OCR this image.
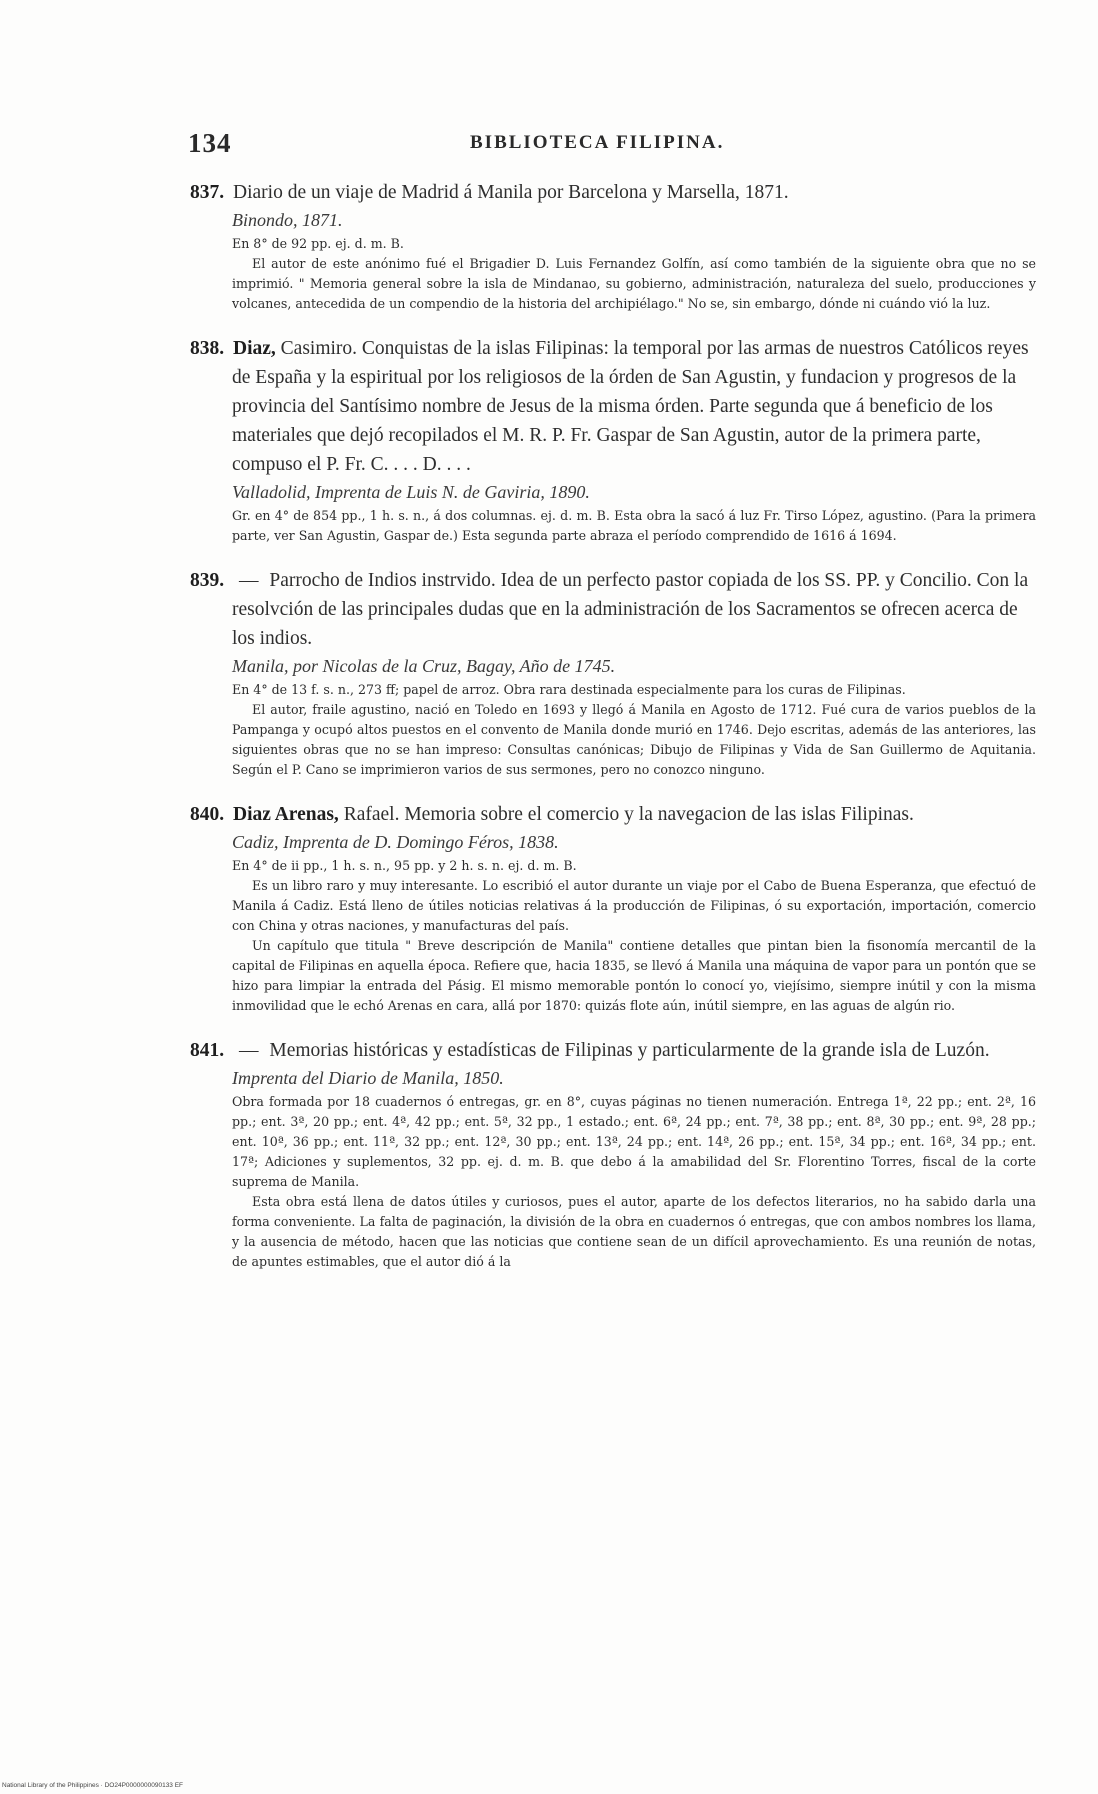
134	BIBLIOTECA FILIPINA.
837. Diario de un viaje de Madrid á Manila por Barcelona y Marsella, 1871.
Binondo, 1871.
En 8° de 92 pp. ej. d. m. B.
El autor de este anónimo fué el Brigadier D. Luis Fernandez Golfín, así como también de la siguiente obra que no se imprimió. " Memoria general sobre la isla de Mindanao, su gobierno, administración, naturaleza del suelo, producciones y volcanes, antecedida de un compendio de la historia del archipiélago." No se, sin embargo, dónde ni cuándo vió la luz.
838. Diaz, Casimiro. Conquistas de la islas Filipinas: la temporal por las armas de nuestros Católicos reyes de España y la espiritual por los religiosos de la órden de San Agustin, y fundacion y progresos de la provincia del Santísimo nombre de Jesus de la misma órden. Parte segunda que á beneficio de los materiales que dejó recopilados el M. R. P. Fr. Gaspar de San Agustin, autor de la primera parte, compuso el P. Fr. C. . . . D. . . .
Valladolid, Imprenta de Luis N. de Gaviria, 1890.
Gr. en 4° de 854 pp., 1 h. s. n., á dos columnas. ej. d. m. B. Esta obra la sacó á luz Fr. Tirso López, agustino. (Para la primera parte, ver San Agustin, Gaspar de.) Esta segunda parte abraza el período comprendido de 1616 á 1694.
839. — Parrocho de Indios instrvido. Idea de un perfecto pastor copiada de los SS. PP. y Concilio. Con la resolvción de las principales dudas que en la administración de los Sacramentos se ofrecen acerca de los indios.
Manila, por Nicolas de la Cruz, Bagay, Año de 1745.
En 4° de 13 f. s. n., 273 ff; papel de arroz. Obra rara destinada especialmente para los curas de Filipinas.
El autor, fraile agustino, nació en Toledo en 1693 y llegó á Manila en Agosto de 1712. Fué cura de varios pueblos de la Pampanga y ocupó altos puestos en el convento de Manila donde murió en 1746. Dejo escritas, además de las anteriores, las siguientes obras que no se han impreso: Consultas canónicas; Dibujo de Filipinas y Vida de San Guillermo de Aquitania. Según el P. Cano se imprimieron varios de sus sermones, pero no conozco ninguno.
840. Diaz Arenas, Rafael. Memoria sobre el comercio y la navegacion de las islas Filipinas.
Cadiz, Imprenta de D. Domingo Féros, 1838.
En 4° de ii pp., 1 h. s. n., 95 pp. y 2 h. s. n. ej. d. m. B.
Es un libro raro y muy interesante. Lo escribió el autor durante un viaje por el Cabo de Buena Esperanza, que efectuó de Manila á Cadiz. Está lleno de útiles noticias relativas á la producción de Filipinas, ó su exportación, importación, comercio con China y otras naciones, y manufacturas del país.
Un capítulo que titula " Breve descripción de Manila" contiene detalles que pintan bien la fisonomía mercantil de la capital de Filipinas en aquella época. Refiere que, hacia 1835, se llevó á Manila una máquina de vapor para un pontón que se hizo para limpiar la entrada del Pásig. El mismo memorable pontón lo conocí yo, viejísimo, siempre inútil y con la misma inmovilidad que le echó Arenas en cara, allá por 1870: quizás flote aún, inútil siempre, en las aguas de algún rio.
841. — Memorias históricas y estadísticas de Filipinas y particularmente de la grande isla de Luzón.
Imprenta del Diario de Manila, 1850.
Obra formada por 18 cuadernos ó entregas, gr. en 8°, cuyas páginas no tienen numeración. Entrega 1ª, 22 pp.; ent. 2ª, 16 pp.; ent. 3ª, 20 pp.; ent. 4ª, 42 pp.; ent. 5ª, 32 pp., 1 estado.; ent. 6ª, 24 pp.; ent. 7ª, 38 pp.; ent. 8ª, 30 pp.; ent. 9ª, 28 pp.; ent. 10ª, 36 pp.; ent. 11ª, 32 pp.; ent. 12ª, 30 pp.; ent. 13ª, 24 pp.; ent. 14ª, 26 pp.; ent. 15ª, 34 pp.; ent. 16ª, 34 pp.; ent. 17ª; Adiciones y suplementos, 32 pp. ej. d. m. B. que debo á la amabilidad del Sr. Florentino Torres, fiscal de la corte suprema de Manila.
Esta obra está llena de datos útiles y curiosos, pues el autor, aparte de los defectos literarios, no ha sabido darla una forma conveniente. La falta de paginación, la división de la obra en cuadernos ó entregas, que con ambos nombres los llama, y la ausencia de método, hacen que las noticias que contiene sean de un difícil aprovechamiento. Es una reunión de notas, de apuntes estimables, que el autor dió á la
National Library of the Philippines · DO24P0000000090133 EF
